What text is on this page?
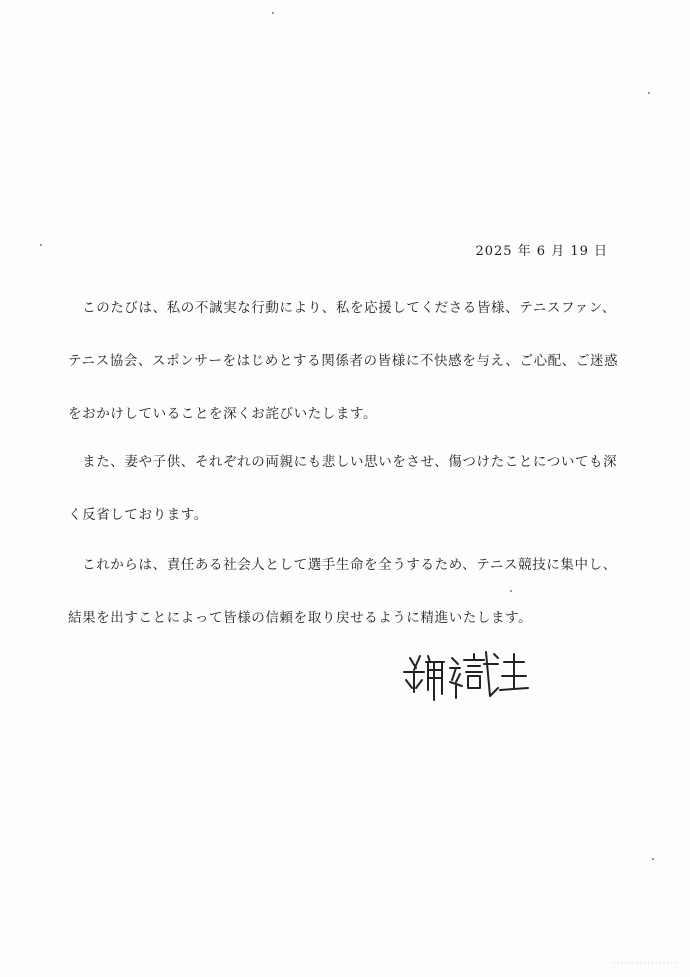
2025 年 6 月 19 日

　このたびは、私の不誠実な行動により、私を応援してくださる皆様、テニスファン、テニス協会、スポンサーをはじめとする関係者の皆様に不快感を与え、ご心配、ご迷惑をおかけしていることを深くお詫びいたします。

　また、妻や子供、それぞれの両親にも悲しい思いをさせ、傷つけたことについても深く反省しております。

　これからは、責任ある社会人として選手生命を全うするため、テニス競技に集中し、結果を出すことによって皆様の信頼を取り戻せるように精進いたします。

·················
